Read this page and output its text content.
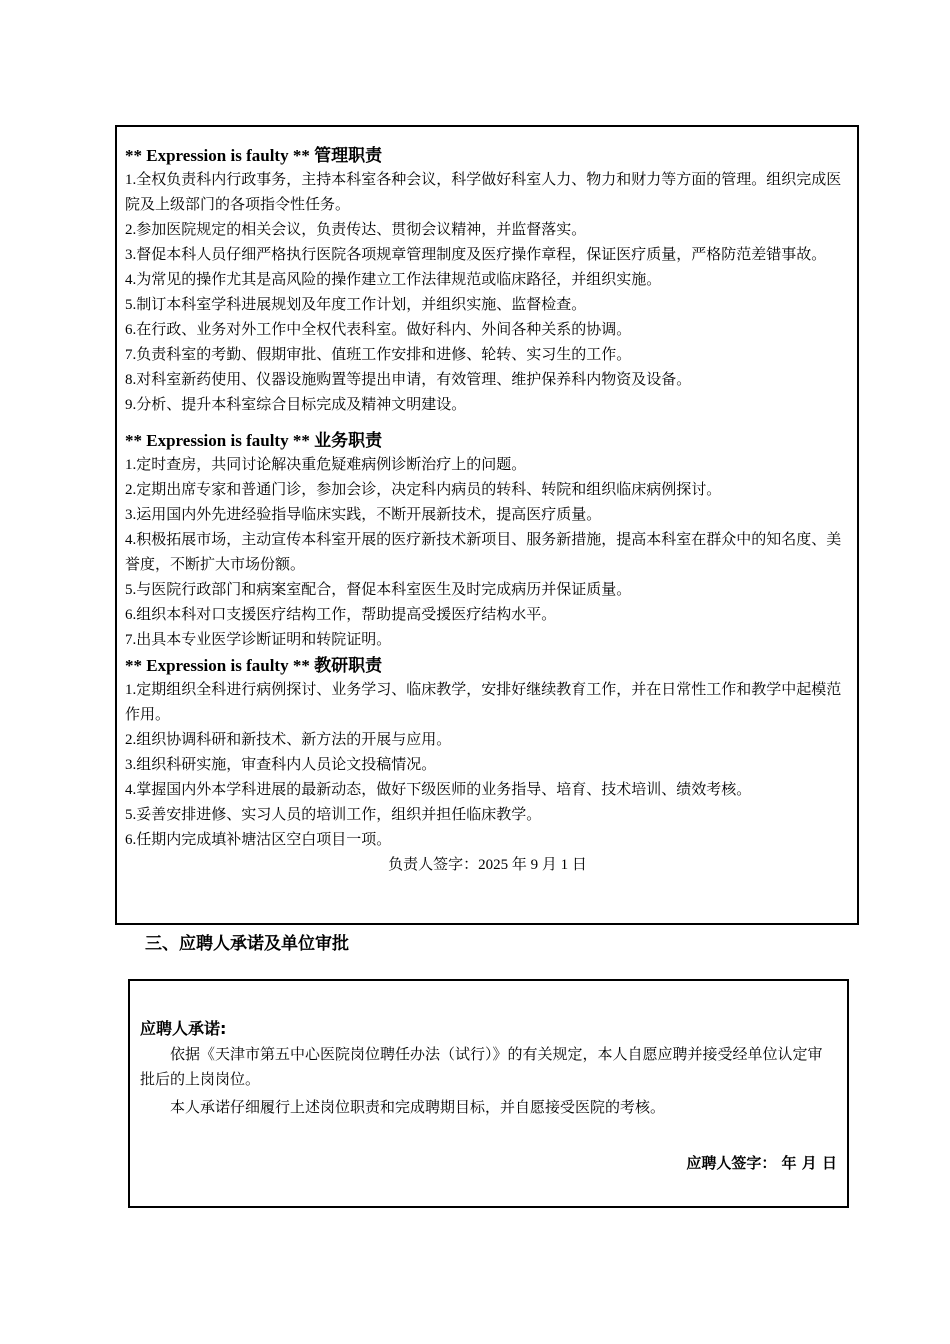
** Expression is faulty ** 管理职责

1.全权负责科内行政事务，主持本科室各种会议，科学做好科室人力、物力和财力等方面的管理。组织完成医院及上级部门的各项指令性任务。

2.参加医院规定的相关会议，负责传达、贯彻会议精神，并监督落实。

3.督促本科人员仔细严格执行医院各项规章管理制度及医疗操作章程，保证医疗质量，严格防范差错事故。

4.为常见的操作尤其是高风险的操作建立工作法律规范或临床路径，并组织实施。

5.制订本科室学科进展规划及年度工作计划，并组织实施、监督检查。

6.在行政、业务对外工作中全权代表科室。做好科内、外间各种关系的协调。

7.负责科室的考勤、假期审批、值班工作安排和进修、轮转、实习生的工作。

8.对科室新药使用、仪器设施购置等提出申请，有效管理、维护保养科内物资及设备。

9.分析、提升本科室综合目标完成及精神文明建设。

** Expression is faulty ** 业务职责

1.定时查房，共同讨论解决重危疑难病例诊断治疗上的问题。

2.定期出席专家和普通门诊，参加会诊，决定科内病员的转科、转院和组织临床病例探讨。

3.运用国内外先进经验指导临床实践，不断开展新技术，提高医疗质量。

4.积极拓展市场，主动宣传本科室开展的医疗新技术新项目、服务新措施，提高本科室在群众中的知名度、美誉度，不断扩大市场份额。

5.与医院行政部门和病案室配合，督促本科室医生及时完成病历并保证质量。

6.组织本科对口支援医疗结构工作，帮助提高受援医疗结构水平。

7.出具本专业医学诊断证明和转院证明。

** Expression is faulty ** 教研职责

1.定期组织全科进行病例探讨、业务学习、临床教学，安排好继续教育工作，并在日常性工作和教学中起模范作用。

2.组织协调科研和新技术、新方法的开展与应用。

3.组织科研实施，审查科内人员论文投稿情况。

4.掌握国内外本学科进展的最新动态，做好下级医师的业务指导、培育、技术培训、绩效考核。

5.妥善安排进修、实习人员的培训工作，组织并担任临床教学。

6.任期内完成填补塘沽区空白项目一项。

负责人签字：2025 年 9 月 1 日

三、应聘人承诺及单位审批

应聘人承诺:

依据《天津市第五中心医院岗位聘任办法（试行）》的有关规定，本人自愿应聘并接受经单位认定审批后的上岗岗位。

本人承诺仔细履行上述岗位职责和完成聘期目标，并自愿接受医院的考核。

应聘人签字： 年 月 日
